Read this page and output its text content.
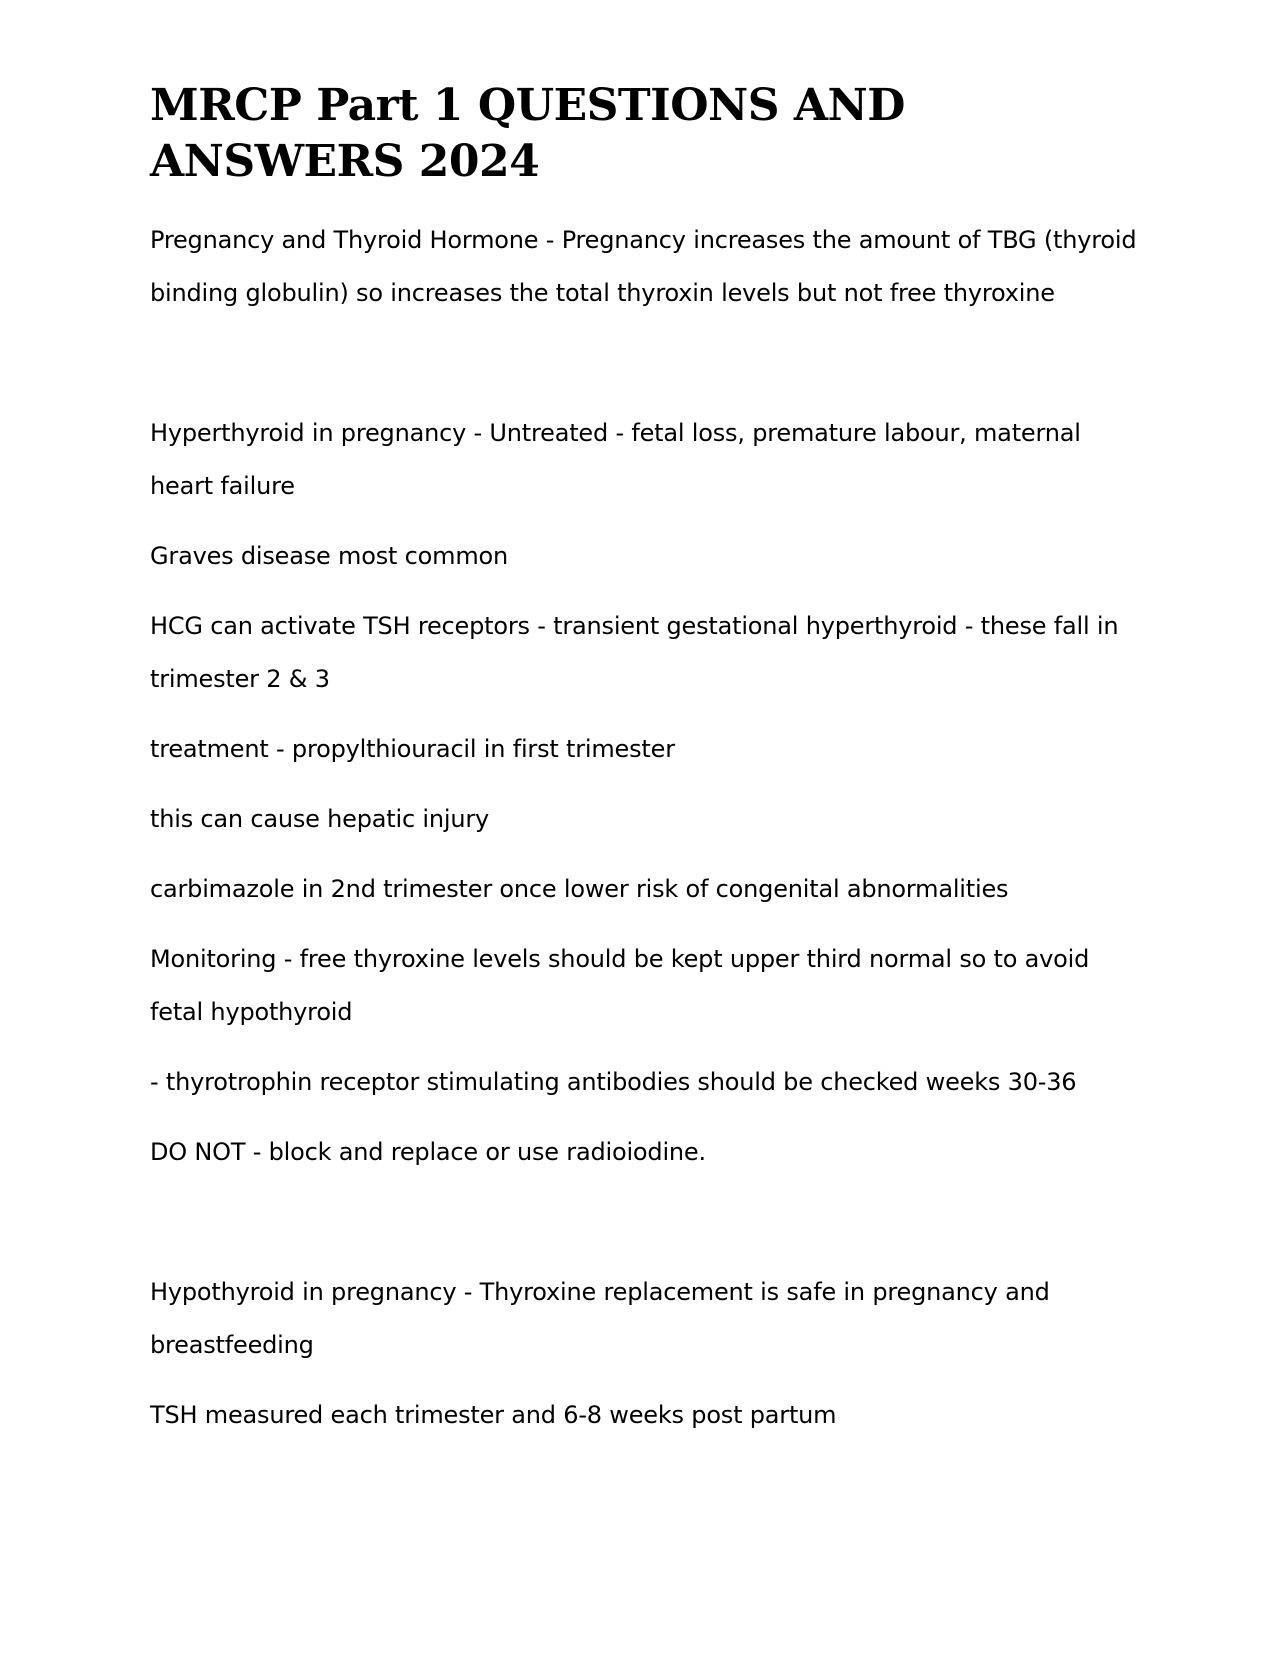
MRCP Part 1 QUESTIONS AND ANSWERS 2024

Pregnancy and Thyroid Hormone - Pregnancy increases the amount of TBG (thyroid binding globulin) so increases the total thyroxin levels but not free thyroxine

Hyperthyroid in pregnancy - Untreated - fetal loss, premature labour, maternal heart failure

Graves disease most common

HCG can activate TSH receptors - transient gestational hyperthyroid - these fall in trimester 2 & 3

treatment - propylthiouracil in first trimester

this can cause hepatic injury

carbimazole in 2nd trimester once lower risk of congenital abnormalities

Monitoring - free thyroxine levels should be kept upper third normal so to avoid fetal hypothyroid

- thyrotrophin receptor stimulating antibodies should be checked weeks 30-36

DO NOT - block and replace or use radioiodine.

Hypothyroid in pregnancy - Thyroxine replacement is safe in pregnancy and breastfeeding

TSH measured each trimester and 6-8 weeks post partum
